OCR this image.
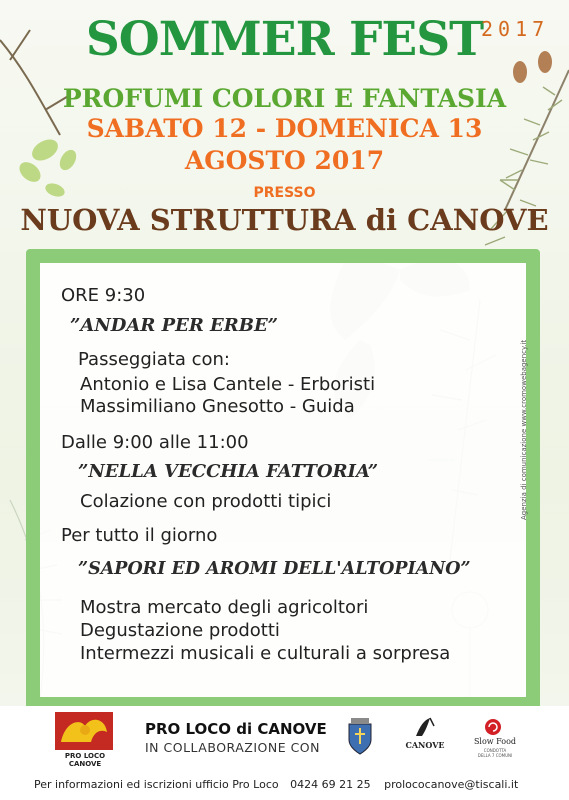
SOMMER FEST
2017
PROFUMI COLORI E FANTASIA
SABATO 12 - DOMENICA 13
AGOSTO 2017
PRESSO
NUOVA STRUTTURA di CANOVE
ORE 9:30
”ANDAR PER ERBE”
Passeggiata con:
Antonio e Lisa Cantele - Erboristi
Massimiliano Gnesotto - Guida
Dalle 9:00 alle 11:00
”NELLA VECCHIA FATTORIA”
Colazione con prodotti tipici
Per tutto il giorno
”SAPORI ED AROMI DELL'ALTOPIANO”
Mostra mercato degli agricoltori
Degustazione prodotti
Intermezzi musicali e culturali a sorpresa
Agenzia di comunicazione www.cromowebagency.it
PRO LOCO CANOVE
PRO LOCO di CANOVE
IN COLLABORAZIONE CON	CANOVE	Slow Food
CONDOTTA
DELLA 7 COMUNI
Per informazioni ed iscrizioni ufficio Pro Loco 0424 69 21 25 prolococanove@tiscali.it
